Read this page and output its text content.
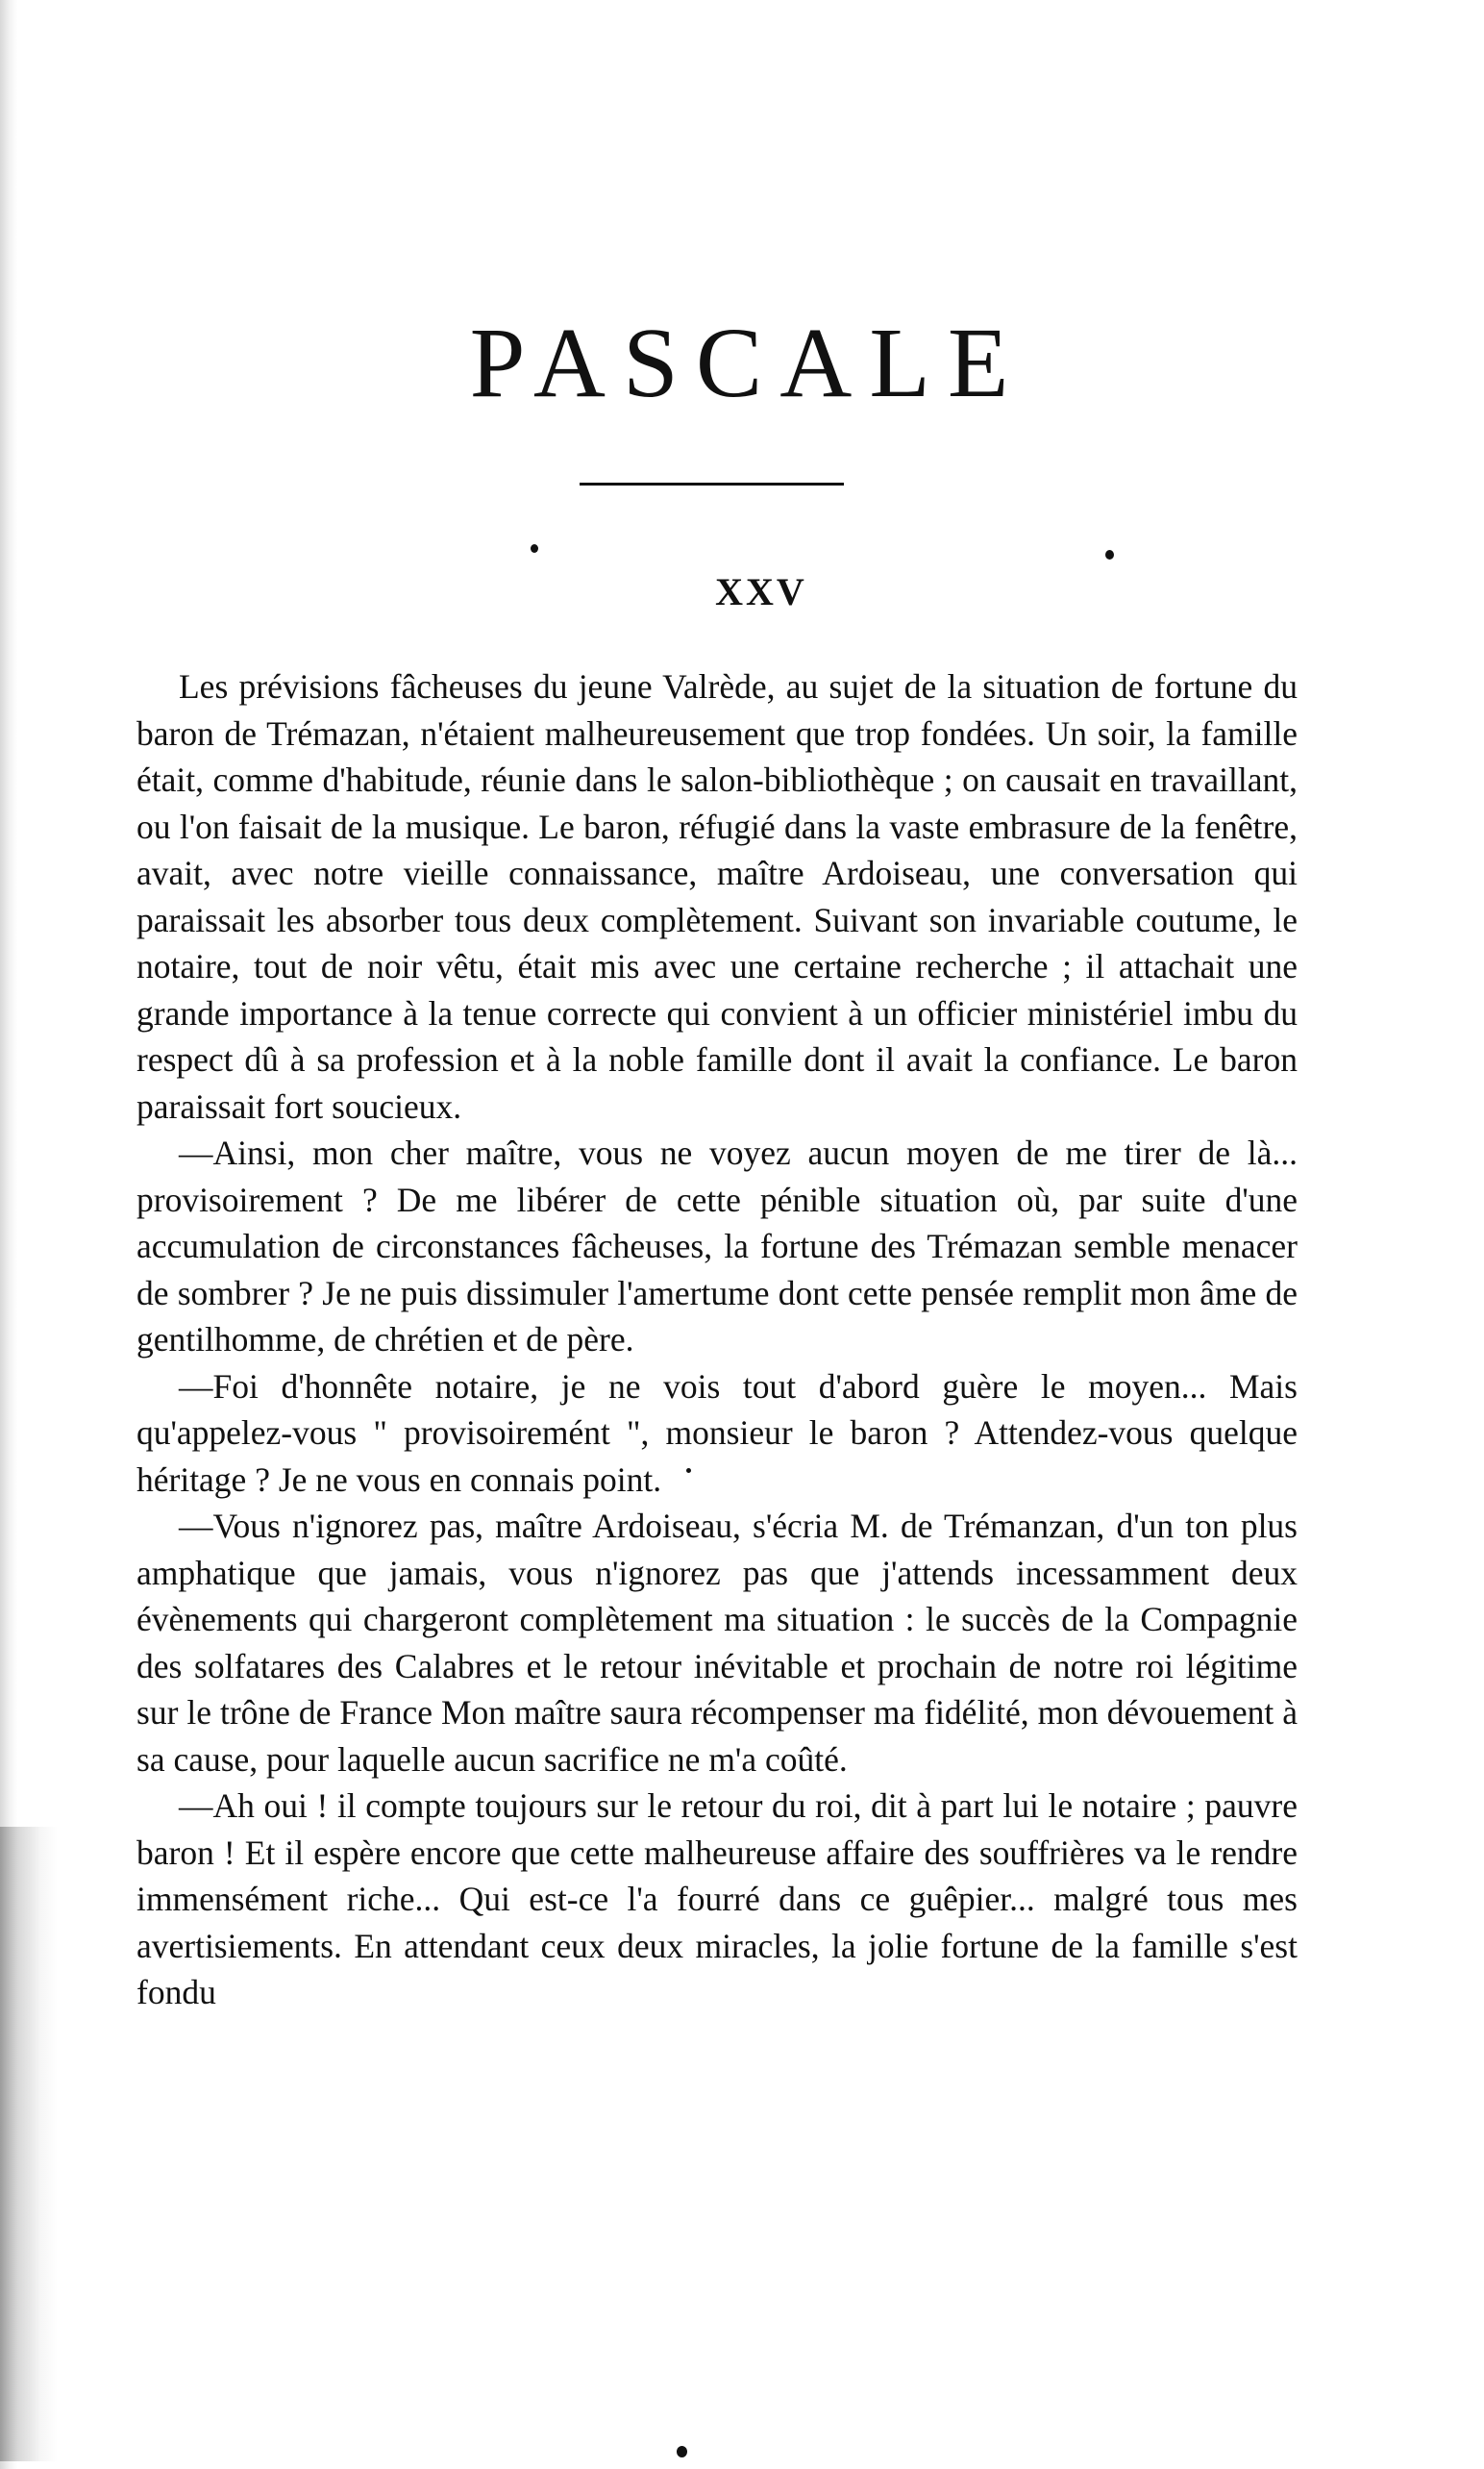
PASCALE
XXV

Les prévisions fâcheuses du jeune Valrède, au sujet de la situation de fortune du baron de Trémazan, n'étaient malheureusement que trop fondées. Un soir, la famille était, comme d'habitude, réunie dans le salon-bibliothèque ; on causait en travaillant, ou l'on faisait de la musique. Le baron, réfugié dans la vaste embrasure de la fenêtre, avait, avec notre vieille connaissance, maître Ardoiseau, une conversation qui paraissait les absorber tous deux complètement. Suivant son invariable coutume, le notaire, tout de noir vêtu, était mis avec une certaine recherche ; il attachait une grande importance à la tenue correcte qui convient à un officier ministériel imbu du respect dû à sa profession et à la noble famille dont il avait la confiance. Le baron paraissait fort soucieux.

—Ainsi, mon cher maître, vous ne voyez aucun moyen de me tirer de là... provisoirement ? De me libérer de cette pénible situation où, par suite d'une accumulation de circonstances fâcheuses, la fortune des Trémazan semble menacer de sombrer ? Je ne puis dissimuler l'amertume dont cette pensée remplit mon âme de gentilhomme, de chrétien et de père.

—Foi d'honnête notaire, je ne vois tout d'abord guère le moyen... Mais qu'appelez-vous " provisoiremént ", monsieur le baron ? Attendez-vous quelque héritage ? Je ne vous en connais point.

—Vous n'ignorez pas, maître Ardoiseau, s'écria M. de Trémanzan, d'un ton plus amphatique que jamais, vous n'ignorez pas que j'attends incessamment deux évènements qui chargeront complètement ma situation : le succès de la Compagnie des solfatares des Calabres et le retour inévitable et prochain de notre roi légitime sur le trône de France Mon maître saura récompenser ma fidélité, mon dévouement à sa cause, pour laquelle aucun sacrifice ne m'a coûté.

—Ah oui ! il compte toujours sur le retour du roi, dit à part lui le notaire ; pauvre baron ! Et il espère encore que cette malheureuse affaire des souffrières va le rendre immensément riche... Qui est-ce l'a fourré dans ce guêpier... malgré tous mes avertisiements. En attendant ceux deux miracles, la jolie fortune de la famille s'est fondu
